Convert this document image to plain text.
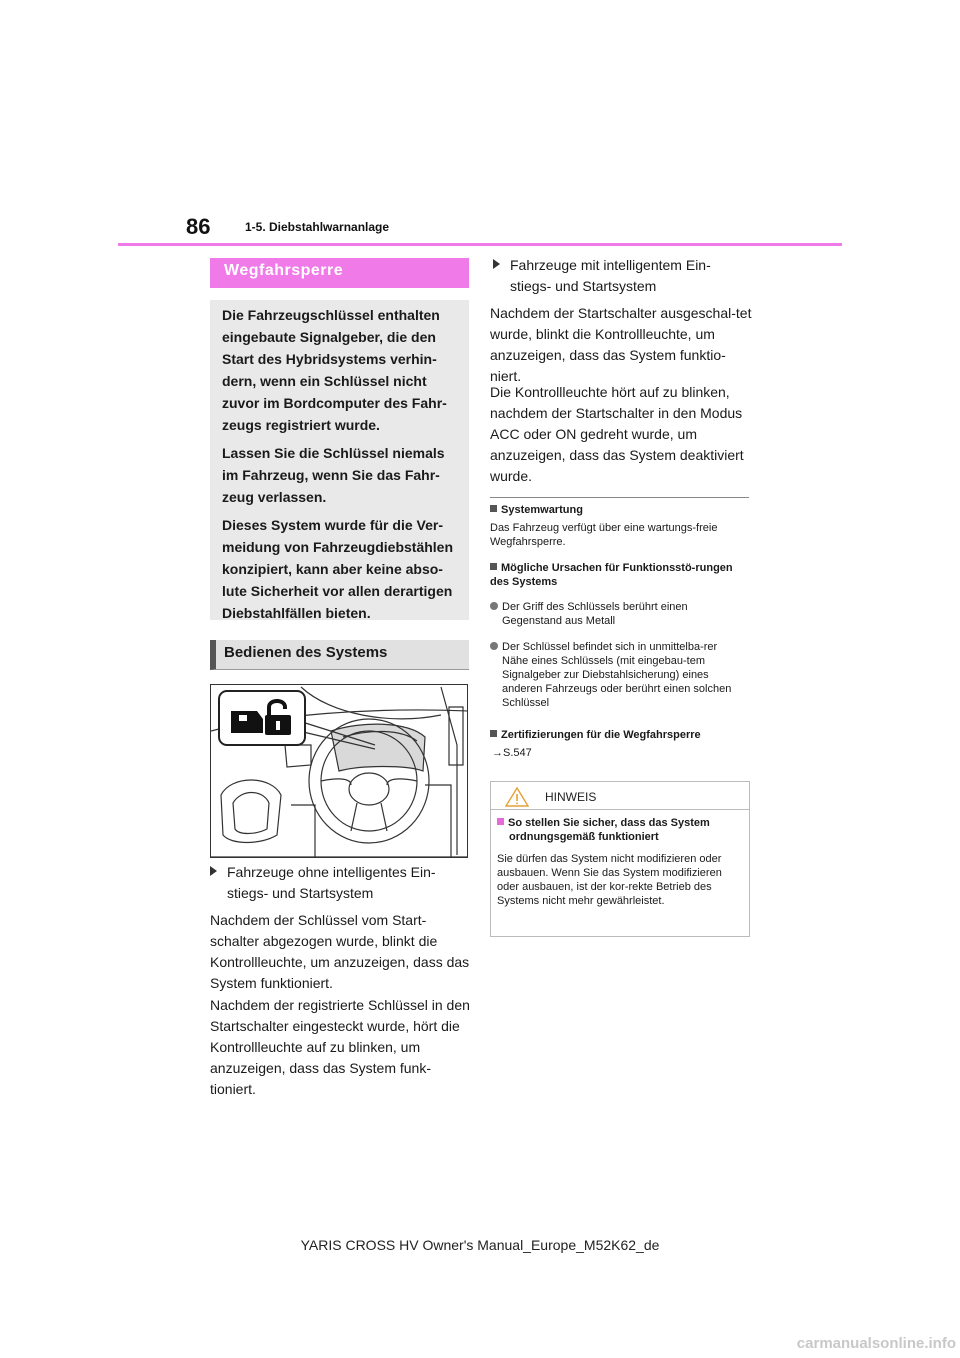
86	1-5. Diebstahlwarnanlage
Wegfahrsperre

Die Fahrzeugschlüssel enthalten eingebaute Signalgeber, die den Start des Hybridsystems verhin-dern, wenn ein Schlüssel nicht zuvor im Bordcomputer des Fahr-zeugs registriert wurde.

Lassen Sie die Schlüssel niemals im Fahrzeug, wenn Sie das Fahr-zeug verlassen.

Dieses System wurde für die Ver-meidung von Fahrzeugdiebstählen konzipiert, kann aber keine abso-lute Sicherheit vor allen derartigen Diebstahlfällen bieten.

Bedienen des Systems
Fahrzeuge ohne intelligentes Ein-
stiegs- und Startsystem
Nachdem der Schlüssel vom Start-schalter abgezogen wurde, blinkt die Kontrollleuchte, um anzuzeigen, dass das System funktioniert.
Nachdem der registrierte Schlüssel in den Startschalter eingesteckt wurde, hört die Kontrollleuchte auf zu blinken, um anzuzeigen, dass das System funk-tioniert.
Fahrzeuge mit intelligentem Ein-
stiegs- und Startsystem
Nachdem der Startschalter ausgeschal-tet wurde, blinkt die Kontrollleuchte, um anzuzeigen, dass das System funktio-niert.
Die Kontrollleuchte hört auf zu blinken, nachdem der Startschalter in den Modus ACC oder ON gedreht wurde, um anzuzeigen, dass das System deaktiviert wurde.
Systemwartung
Das Fahrzeug verfügt über eine wartungs-freie Wegfahrsperre.
Mögliche Ursachen für Funktionsstö-rungen des Systems
Der Griff des Schlüssels berührt einen Gegenstand aus Metall
Der Schlüssel befindet sich in unmittelba-rer Nähe eines Schlüssels (mit eingebau-tem Signalgeber zur Diebstahlsicherung) eines anderen Fahrzeugs oder berührt einen solchen Schlüssel
Zertifizierungen für die Wegfahrsperre
→S.547
HINWEIS
So stellen Sie sicher, dass das System ordnungsgemäß funktioniert
Sie dürfen das System nicht modifizieren oder ausbauen. Wenn Sie das System modifizieren oder ausbauen, ist der kor-rekte Betrieb des Systems nicht mehr gewährleistet.
YARIS CROSS HV Owner's Manual_Europe_M52K62_de
carmanualsonline.info
